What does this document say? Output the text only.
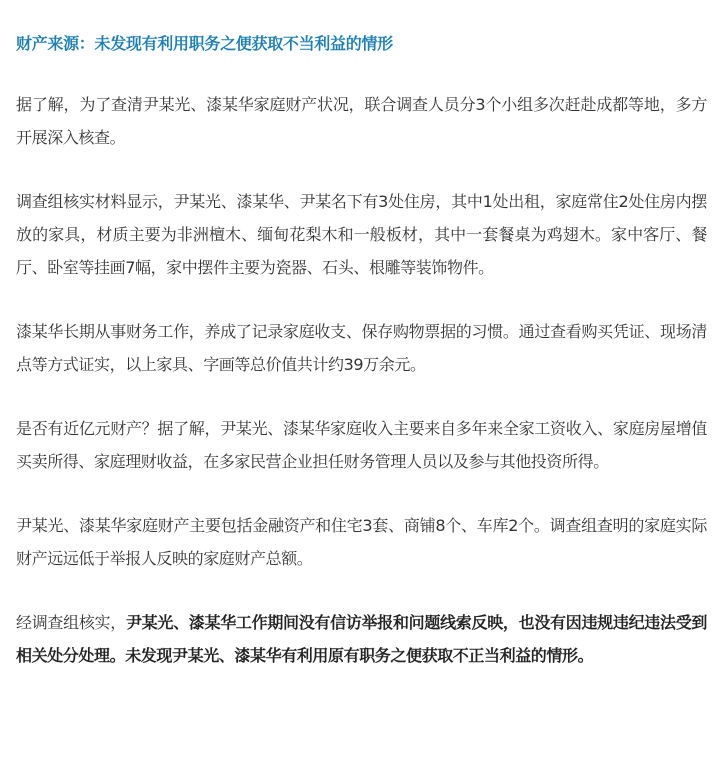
财产来源：未发现有利用职务之便获取不当利益的情形

据了解，为了查清尹某光、漆某华家庭财产状况，联合调查人员分3个小组多次赶赴成都等地，多方开展深入核查。

调查组核实材料显示，尹某光、漆某华、尹某名下有3处住房，其中1处出租，家庭常住2处住房内摆放的家具，材质主要为非洲檀木、缅甸花梨木和一般板材，其中一套餐桌为鸡翅木。家中客厅、餐厅、卧室等挂画7幅，家中摆件主要为瓷器、石头、根雕等装饰物件。

漆某华长期从事财务工作，养成了记录家庭收支、保存购物票据的习惯。通过查看购买凭证、现场清点等方式证实，以上家具、字画等总价值共计约39万余元。

是否有近亿元财产？据了解，尹某光、漆某华家庭收入主要来自多年来全家工资收入、家庭房屋增值买卖所得、家庭理财收益，在多家民营企业担任财务管理人员以及参与其他投资所得。

尹某光、漆某华家庭财产主要包括金融资产和住宅3套、商铺8个、车库2个。调查组查明的家庭实际财产远远低于举报人反映的家庭财产总额。

经调查组核实，尹某光、漆某华工作期间没有信访举报和问题线索反映，也没有因违规违纪违法受到相关处分处理。未发现尹某光、漆某华有利用原有职务之便获取不正当利益的情形。
